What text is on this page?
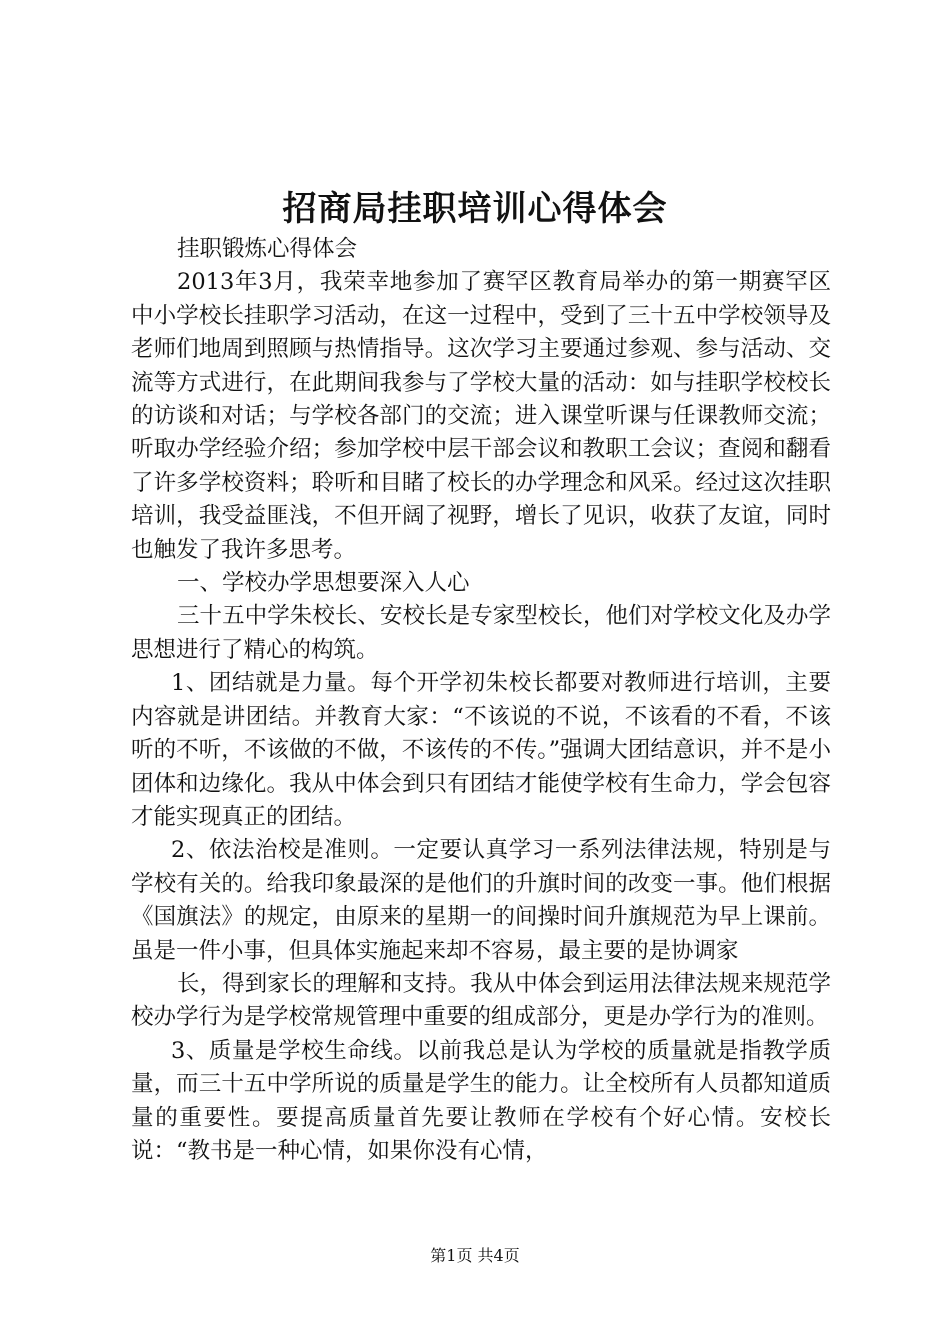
招商局挂职培训心得体会

挂职锻炼心得体会

2013年3月，我荣幸地参加了赛罕区教育局举办的第一期赛罕区中小学校长挂职学习活动，在这一过程中，受到了三十五中学校领导及老师们地周到照顾与热情指导。这次学习主要通过参观、参与活动、交流等方式进行，在此期间我参与了学校大量的活动：如与挂职学校校长的访谈和对话；与学校各部门的交流；进入课堂听课与任课教师交流；听取办学经验介绍；参加学校中层干部会议和教职工会议；查阅和翻看了许多学校资料；聆听和目睹了校长的办学理念和风采。经过这次挂职培训，我受益匪浅，不但开阔了视野，增长了见识，收获了友谊，同时也触发了我许多思考。

一、学校办学思想要深入人心

三十五中学朱校长、安校长是专家型校长，他们对学校文化及办学思想进行了精心的构筑。

1、团结就是力量。每个开学初朱校长都要对教师进行培训，主要内容就是讲团结。并教育大家：“不该说的不说，不该看的不看，不该听的不听，不该做的不做，不该传的不传。”强调大团结意识，并不是小团体和边缘化。我从中体会到只有团结才能使学校有生命力，学会包容才能实现真正的团结。

2、依法治校是准则。一定要认真学习一系列法律法规，特别是与学校有关的。给我印象最深的是他们的升旗时间的改变一事。他们根据《国旗法》的规定，由原来的星期一的间操时间升旗规范为早上课前。虽是一件小事，但具体实施起来却不容易，最主要的是协调家

长，得到家长的理解和支持。我从中体会到运用法律法规来规范学校办学行为是学校常规管理中重要的组成部分，更是办学行为的准则。

3、质量是学校生命线。以前我总是认为学校的质量就是指教学质量，而三十五中学所说的质量是学生的能力。让全校所有人员都知道质量的重要性。要提高质量首先要让教师在学校有个好心情。安校长说：“教书是一种心情，如果你没有心情，

第1页 共4页
